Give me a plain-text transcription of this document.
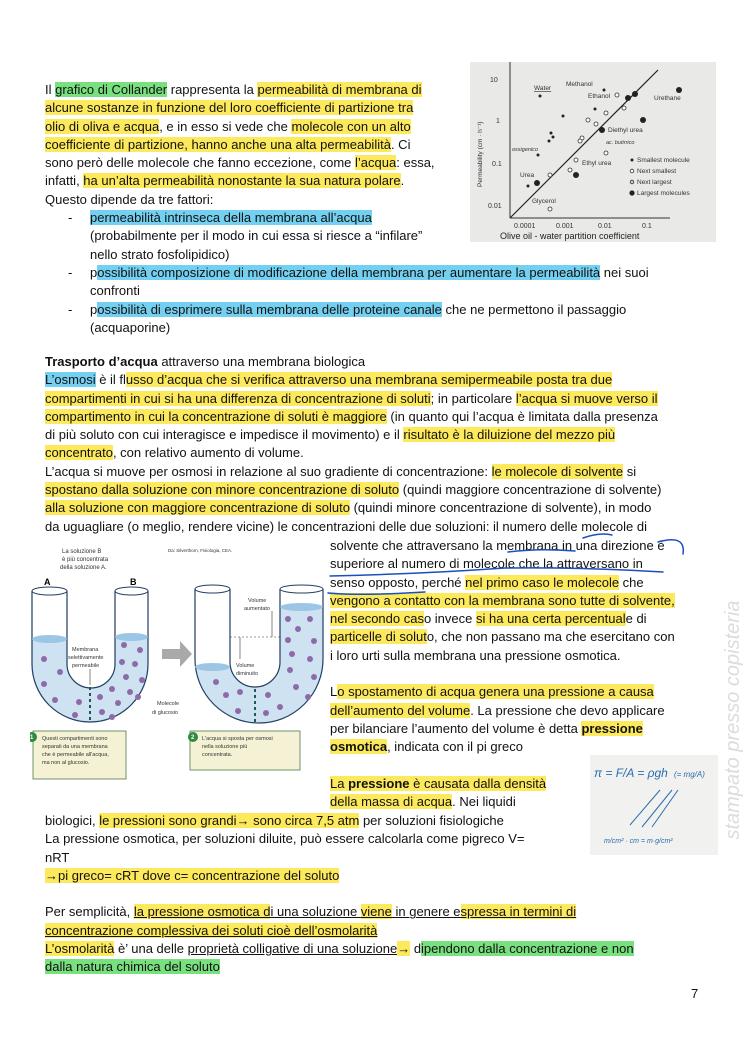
stampato presso copisteria
Il grafico di Collander rappresenta la permeabilità di membrana di
alcune sostanze in funzione del loro coefficiente di partizione tra
olio di oliva e acqua, e in esso si vede che molecole con un alto
coefficiente di partizione, hanno anche una alta permeabilità. Ci
sono però delle molecole che fanno eccezione, come l’acqua: essa,
infatti, ha un’alta permeabilità nonostante la sua natura polare.
Questo dipende da tre fattori:
- permeabilità intrinseca della membrana all’acqua
(probabilmente per il modo in cui essa si riesce a “infilare”
nello strato fosfolipidico)
- possibilità composizione di modificazione della membrana per aumentare la permeabilità nei suoi
confronti
- possibilità di esprimere sulla membrana delle proteine canale che ne permettono il passaggio
(acquaporine)
Trasporto d’acqua attraverso una membrana biologica
L’osmosi è il flusso d’acqua che si verifica attraverso una membrana semipermeabile posta tra due
compartimenti in cui si ha una differenza di concentrazione di soluti; in particolare l’acqua si muove verso il
compartimento in cui la concentrazione di soluti è maggiore (in quanto qui l’acqua è limitata dalla presenza
di più soluto con cui interagisce e impedisce il movimento) e il risultato è la diluizione del mezzo più
concentrato, con relativo aumento di volume.
L’acqua si muove per osmosi in relazione al suo gradiente di concentrazione: le molecole di solvente si
spostano dalla soluzione con minore concentrazione di soluto (quindi maggiore concentrazione di solvente)
alla soluzione con maggiore concentrazione di soluto (quindi minore concentrazione di solvente), in modo
da uguagliare (o meglio, rendere vicine) le concentrazioni delle due soluzioni: il numero delle molecole di
solvente che attraversano la membrana in una direzione è
superiore al numero di molecole che la attraversano in
senso opposto, perché nel primo caso le molecole che
vengono a contatto con la membrana sono tutte di solvente,
nel secondo caso invece si ha una certa percentuale di
particelle di soluto, che non passano ma che esercitano con
i loro urti sulla membrana una pressione osmotica.
Lo spostamento di acqua genera una pressione a causa
dell’aumento del volume. La pressione che devo applicare
per bilanciare l’aumento del volume è detta pressione
osmotica, indicata con il pi greco
La pressione è causata dalla densità
della massa di acqua. Nei liquidi
biologici, le pressioni sono grandi→ sono circa 7,5 atm per soluzioni fisiologiche
La pressione osmotica, per soluzioni diluite, può essere calcolarla come pigreco V=
nRT
→pi greco= cRT dove c= concentrazione del soluto
Per semplicità, la pressione osmotica di una soluzione viene in genere espressa in termini di
concentrazione complessiva dei soluti cioè dell’osmolarità
L’osmolarità è’ una delle proprietà colligative di una soluzione→ dipendono dalla concentrazione e non
dalla natura chimica del soluto
10
1
0.1
0.01
0.0001	0.001	0.01	0.1
Olive oil - water partition coefficient
Permeability (cm · h⁻¹)
Water
Methanol
Ethanol	Urethane
Diethyl urea
ac. butirrico
ossigenico
Ethyl urea
Urea
Glycerol
Smallest molecule
Next smallest
Next largest
Largest molecules
La soluzione B
è più concentrata
della soluzione A.
Da: Silverthorn, Fisiologia, CEA.
A	B
Membrana
selettivamente
permeabile
Molecole
di glucosio
Volume
aumentato
Volume
diminuito
1 Questi compartimenti sono
separati da una membrana
che è permeabile all'acqua,
ma non al glucosio.
2 L'acqua si sposta per osmosi
nella soluzione più
concentrata.
π = F/A = ρgh (= mg/A)
m/cm² · cm = m·g/cm²
7
